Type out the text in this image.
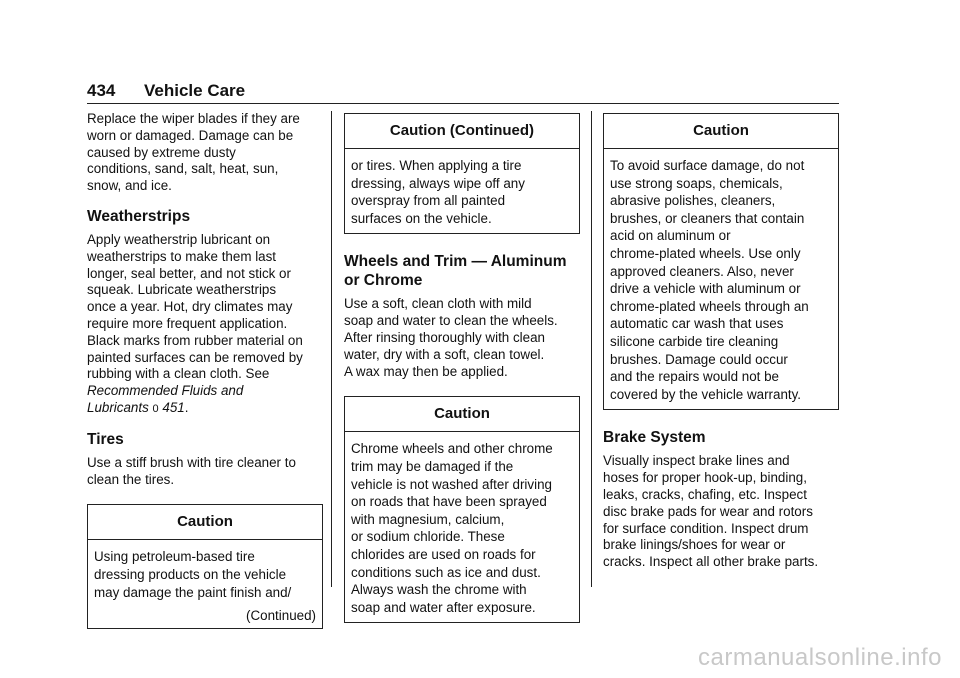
434	Vehicle Care

Replace the wiper blades if they are
worn or damaged. Damage can be
caused by extreme dusty
conditions, sand, salt, heat, sun,
snow, and ice.

Weatherstrips

Apply weatherstrip lubricant on
weatherstrips to make them last
longer, seal better, and not stick or
squeak. Lubricate weatherstrips
once a year. Hot, dry climates may
require more frequent application.
Black marks from rubber material on
painted surfaces can be removed by
rubbing with a clean cloth. See
Recommended Fluids and
Lubricants 0 451.

Tires

Use a stiff brush with tire cleaner to
clean the tires.

Caution
Using petroleum-based tire
dressing products on the vehicle
may damage the paint finish and/
(Continued)
Caution (Continued)
or tires. When applying a tire
dressing, always wipe off any
overspray from all painted
surfaces on the vehicle.
Wheels and Trim — Aluminum
or Chrome

Use a soft, clean cloth with mild
soap and water to clean the wheels.
After rinsing thoroughly with clean
water, dry with a soft, clean towel.
A wax may then be applied.

Caution
Chrome wheels and other chrome
trim may be damaged if the
vehicle is not washed after driving
on roads that have been sprayed
with magnesium, calcium,
or sodium chloride. These
chlorides are used on roads for
conditions such as ice and dust.
Always wash the chrome with
soap and water after exposure.
Caution
To avoid surface damage, do not
use strong soaps, chemicals,
abrasive polishes, cleaners,
brushes, or cleaners that contain
acid on aluminum or
chrome-plated wheels. Use only
approved cleaners. Also, never
drive a vehicle with aluminum or
chrome-plated wheels through an
automatic car wash that uses
silicone carbide tire cleaning
brushes. Damage could occur
and the repairs would not be
covered by the vehicle warranty.
Brake System

Visually inspect brake lines and
hoses for proper hook-up, binding,
leaks, cracks, chafing, etc. Inspect
disc brake pads for wear and rotors
for surface condition. Inspect drum
brake linings/shoes for wear or
cracks. Inspect all other brake parts.

carmanualsonline.info
